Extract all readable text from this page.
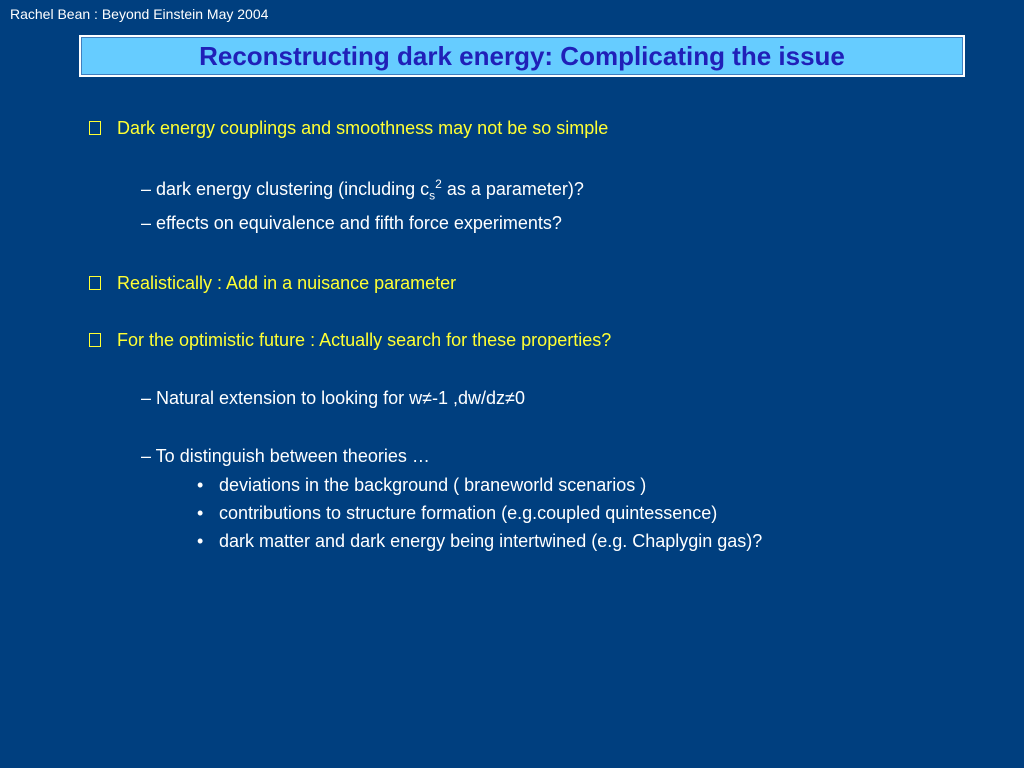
Rachel Bean : Beyond Einstein May 2004
Reconstructing dark energy: Complicating the issue
Dark energy couplings and smoothness may not be so simple
– dark energy clustering (including $c_s^2$ as a parameter)?
– effects on equivalence and fifth force experiments?
Realistically : Add in a nuisance parameter
For the optimistic future : Actually search for these properties?
– Natural extension to looking for w≠-1 ,dw/dz≠0
– To distinguish between theories …
• deviations in the background ( braneworld scenarios )
• contributions to structure formation (e.g.coupled quintessence)
• dark matter and dark energy being intertwined (e.g. Chaplygin gas)?
